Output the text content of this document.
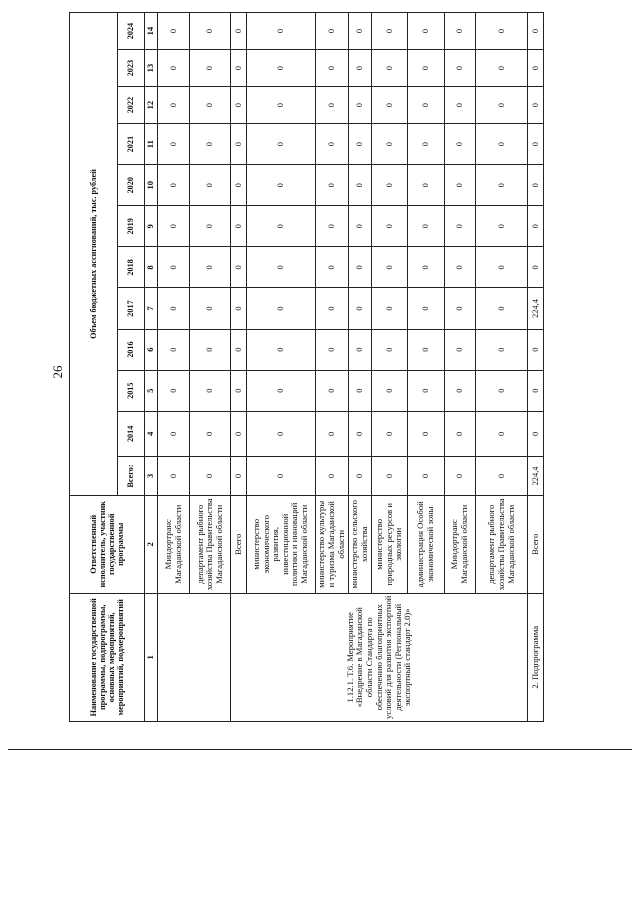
26
Наименование государственной программы, подпрограммы, основных мероприятий, мероприятий, подмероприятий	Ответственный исполнитель, участник государственной программы	Объем бюджетных ассигнований, тыс. рублей											
		Всего:	2014	2015	2016	2017	2018	2019	2020	2021	2022	2023	2024
1	2	3	4	5	6	7	8	9	10	11	12	13	14
	Миндортранс Магаданской области	0	0	0	0	0	0	0	0	0	0	0	0
	департамент рыбного хозяйства Правительства Магаданской области	0	0	0	0	0	0	0	0	0	0	0	0
1.12.1. Т.6. Мероприятие «Внедрение в Магаданской области Стандарта по обеспечению благоприятных условий для развития экспортной деятельности (Региональный экспортный стандарт 2.0)»	Всего	0	0	0	0	0	0	0	0	0	0	0	0
	министерство экономического развития, инвестиционной политики и инноваций Магаданской области	0	0	0	0	0	0	0	0	0	0	0	0
	министерство культуры и туризма Магаданской области	0	0	0	0	0	0	0	0	0	0	0	0
	министерство сельского хозяйства	0	0	0	0	0	0	0	0	0	0	0	0
	министерство природных ресурсов и экологии	0	0	0	0	0	0	0	0	0	0	0	0
	администрация Особой экономической зоны	0	0	0	0	0	0	0	0	0	0	0	0
	Миндортранс Магаданской области	0	0	0	0	0	0	0	0	0	0	0	0
	департамент рыбного хозяйства Правительства Магаданской области	0	0	0	0	0	0	0	0	0	0	0	0
2. Подпрограмма	Всего	224,4	0	0	0	224,4	0	0	0	0	0	0	0
